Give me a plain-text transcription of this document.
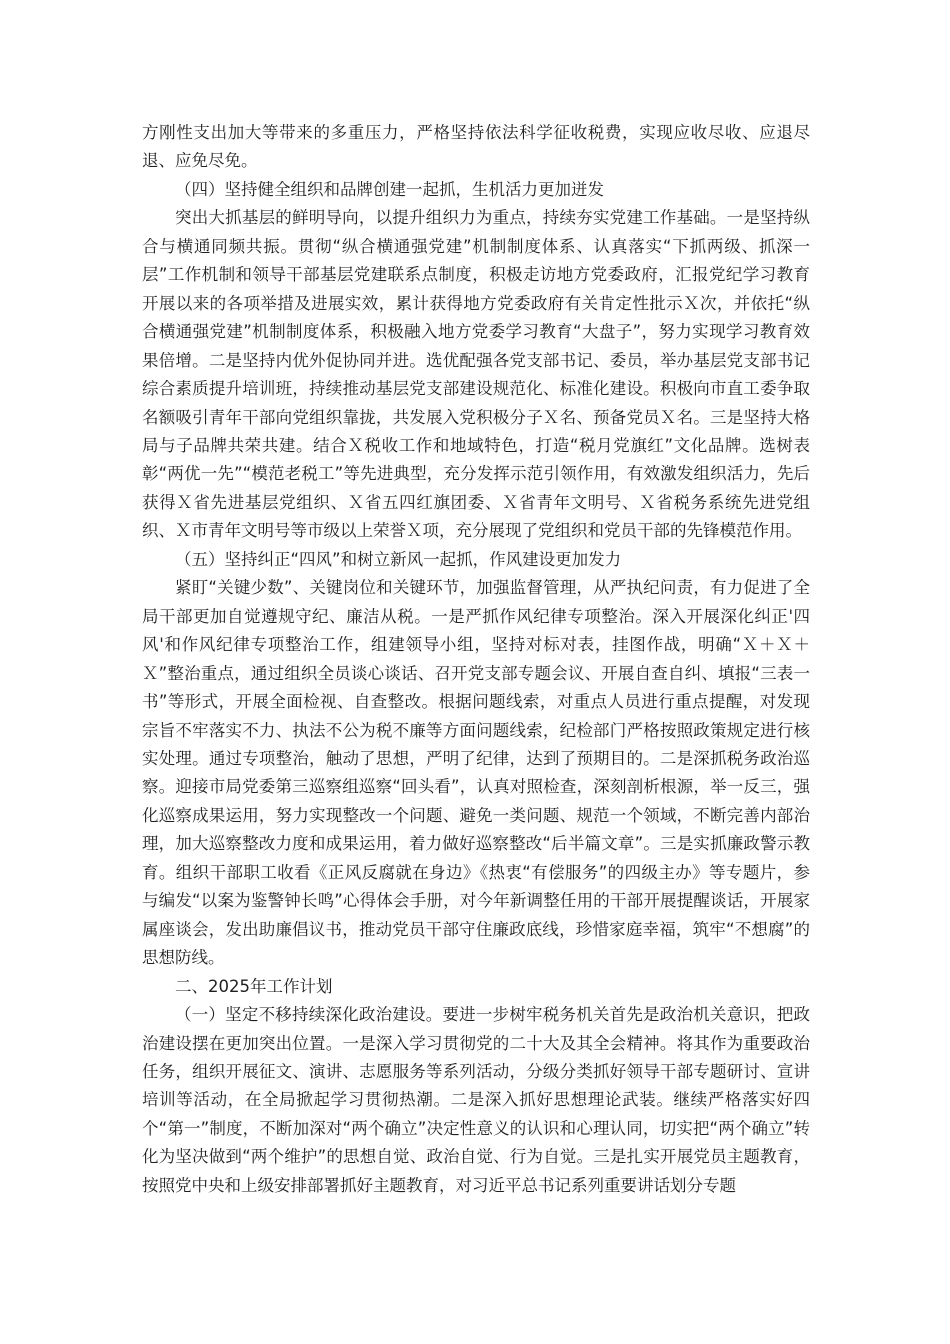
方刚性支出加大等带来的多重压力，严格坚持依法科学征收税费，实现应收尽收、应退尽退、应免尽免。

（四）坚持健全组织和品牌创建一起抓，生机活力更加迸发

突出大抓基层的鲜明导向，以提升组织力为重点，持续夯实党建工作基础。一是坚持纵合与横通同频共振。贯彻“纵合横通强党建”机制制度体系、认真落实“下抓两级、抓深一层”工作机制和领导干部基层党建联系点制度，积极走访地方党委政府，汇报党纪学习教育开展以来的各项举措及进展实效，累计获得地方党委政府有关肯定性批示Ｘ次，并依托“纵合横通强党建”机制制度体系，积极融入地方党委学习教育“大盘子”，努力实现学习教育效果倍增。二是坚持内优外促协同并进。选优配强各党支部书记、委员，举办基层党支部书记综合素质提升培训班，持续推动基层党支部建设规范化、标准化建设。积极向市直工委争取名额吸引青年干部向党组织靠拢，共发展入党积极分子Ｘ名、预备党员Ｘ名。三是坚持大格局与子品牌共荣共建。结合Ｘ税收工作和地域特色，打造“税月党旗红”文化品牌。选树表彰“两优一先”“模范老税工”等先进典型，充分发挥示范引领作用，有效激发组织活力，先后获得Ｘ省先进基层党组织、Ｘ省五四红旗团委、Ｘ省青年文明号、Ｘ省税务系统先进党组织、Ｘ市青年文明号等市级以上荣誉Ｘ项，充分展现了党组织和党员干部的先锋模范作用。

（五）坚持纠正“四风”和树立新风一起抓，作风建设更加发力

紧盯“关键少数”、关键岗位和关键环节，加强监督管理，从严执纪问责，有力促进了全局干部更加自觉遵规守纪、廉洁从税。一是严抓作风纪律专项整治。深入开展深化纠正'四风'和作风纪律专项整治工作，组建领导小组，坚持对标对表，挂图作战，明确“Ｘ＋Ｘ＋Ｘ”整治重点，通过组织全员谈心谈话、召开党支部专题会议、开展自查自纠、填报“三表一书”等形式，开展全面检视、自查整改。根据问题线索，对重点人员进行重点提醒，对发现宗旨不牢落实不力、执法不公为税不廉等方面问题线索，纪检部门严格按照政策规定进行核实处理。通过专项整治，触动了思想，严明了纪律，达到了预期目的。二是深抓税务政治巡察。迎接市局党委第三巡察组巡察“回头看”，认真对照检查，深刻剖析根源，举一反三，强化巡察成果运用，努力实现整改一个问题、避免一类问题、规范一个领域，不断完善内部治理，加大巡察整改力度和成果运用，着力做好巡察整改“后半篇文章”。三是实抓廉政警示教育。组织干部职工收看《正风反腐就在身边》《热衷“有偿服务”的四级主办》等专题片，参与编发“以案为鉴警钟长鸣”心得体会手册，对今年新调整任用的干部开展提醒谈话，开展家属座谈会，发出助廉倡议书，推动党员干部守住廉政底线，珍惜家庭幸福，筑牢“不想腐”的思想防线。

二、2025年工作计划

（一）坚定不移持续深化政治建设。要进一步树牢税务机关首先是政治机关意识，把政治建设摆在更加突出位置。一是深入学习贯彻党的二十大及其全会精神。将其作为重要政治任务，组织开展征文、演讲、志愿服务等系列活动，分级分类抓好领导干部专题研讨、宣讲培训等活动，在全局掀起学习贯彻热潮。二是深入抓好思想理论武装。继续严格落实好四个“第一”制度，不断加深对“两个确立”决定性意义的认识和心理认同，切实把“两个确立”转化为坚决做到“两个维护”的思想自觉、政治自觉、行为自觉。三是扎实开展党员主题教育，按照党中央和上级安排部署抓好主题教育，对习近平总书记系列重要讲话划分专题
